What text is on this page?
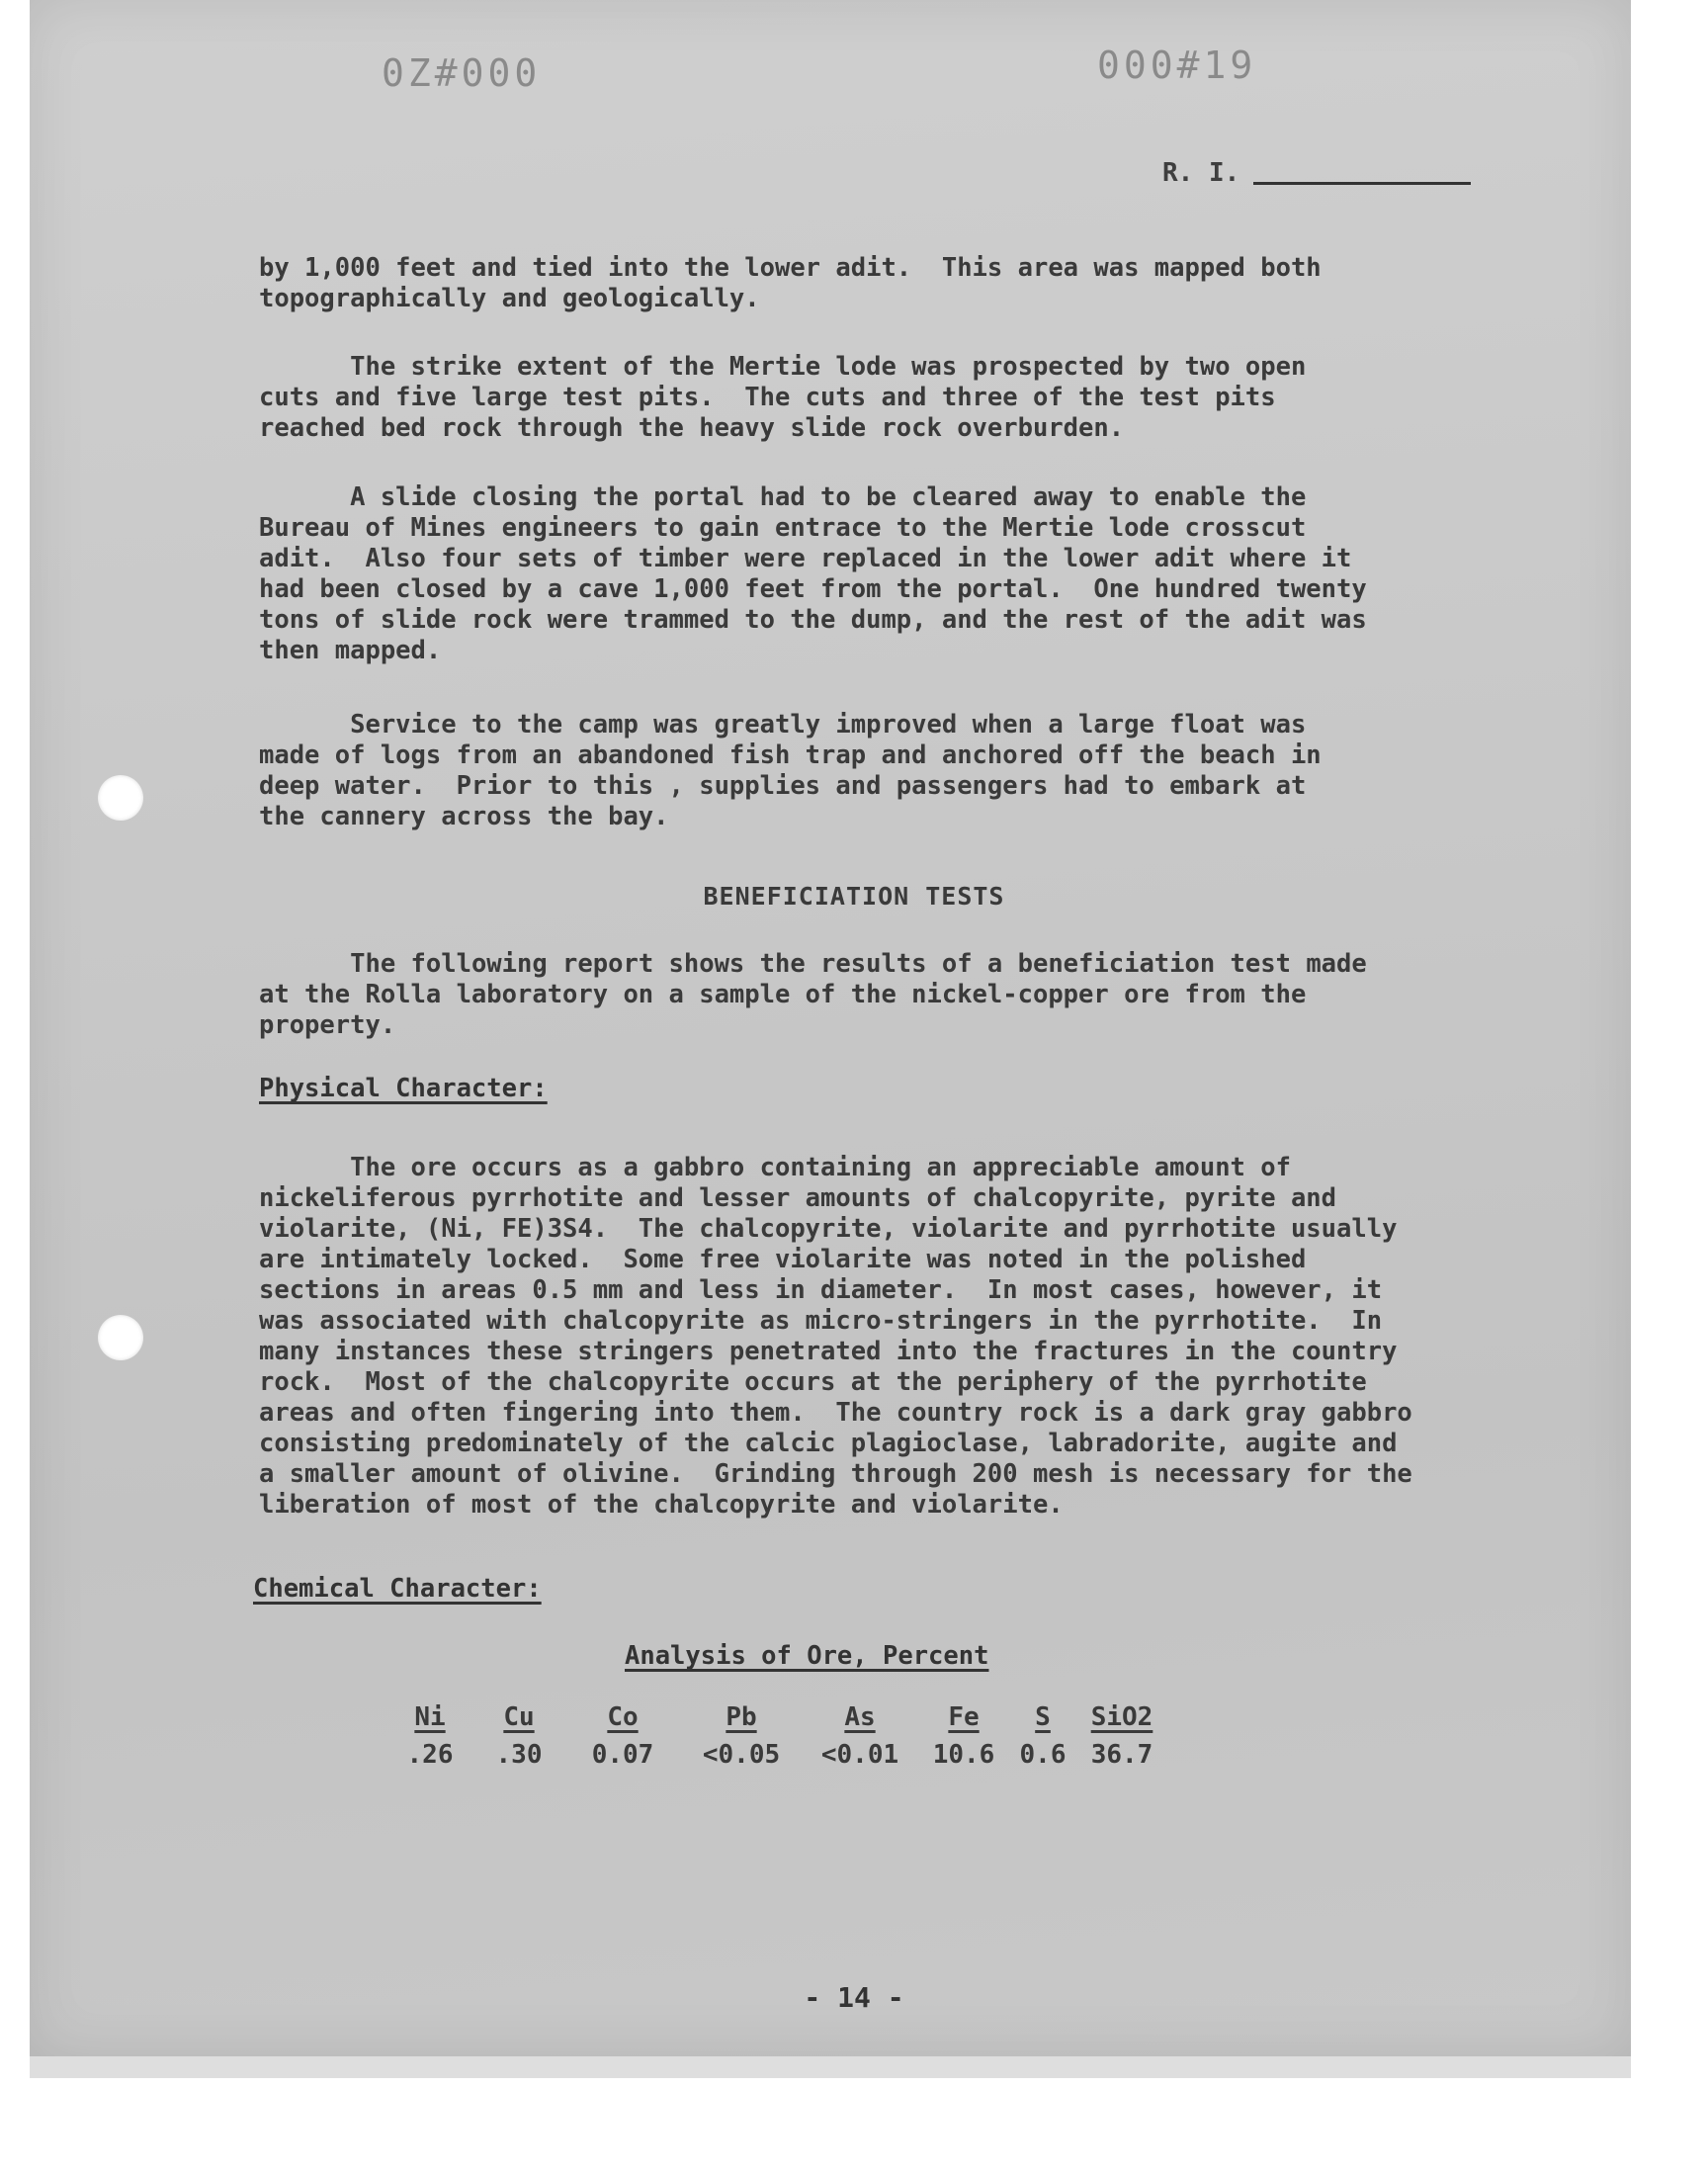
0Z#000	000#19
R. I.

by 1,000 feet and tied into the lower adit.  This area was mapped both
topographically and geologically.

The strike extent of the Mertie lode was prospected by two open
cuts and five large test pits.  The cuts and three of the test pits
reached bed rock through the heavy slide rock overburden.

A slide closing the portal had to be cleared away to enable the
Bureau of Mines engineers to gain entrace to the Mertie lode crosscut
adit.  Also four sets of timber were replaced in the lower adit where it
had been closed by a cave 1,000 feet from the portal.  One hundred twenty
tons of slide rock were trammed to the dump, and the rest of the adit was
then mapped.

Service to the camp was greatly improved when a large float was
made of logs from an abandoned fish trap and anchored off the beach in
deep water.  Prior to this , supplies and passengers had to embark at
the cannery across the bay.

BENEFICIATION TESTS

The following report shows the results of a beneficiation test made
at the Rolla laboratory on a sample of the nickel-copper ore from the
property.

Physical Character:

The ore occurs as a gabbro containing an appreciable amount of
nickeliferous pyrrhotite and lesser amounts of chalcopyrite, pyrite and
violarite, (Ni, FE)3S4.  The chalcopyrite, violarite and pyrrhotite usually
are intimately locked.  Some free violarite was noted in the polished
sections in areas 0.5 mm and less in diameter.  In most cases, however, it
was associated with chalcopyrite as micro-stringers in the pyrrhotite.  In
many instances these stringers penetrated into the fractures in the country
rock.  Most of the chalcopyrite occurs at the periphery of the pyrrhotite
areas and often fingering into them.  The country rock is a dark gray gabbro
consisting predominately of the calcic plagioclase, labradorite, augite and
a smaller amount of olivine.  Grinding through 200 mesh is necessary for the
liberation of most of the chalcopyrite and violarite.

Chemical Character:
Analysis of Ore, Percent
Ni	Cu	Co	Pb	As	Fe	S	SiO2
.26	.30	0.07	<0.05	<0.01	10.6	0.6	36.7
- 14 -
